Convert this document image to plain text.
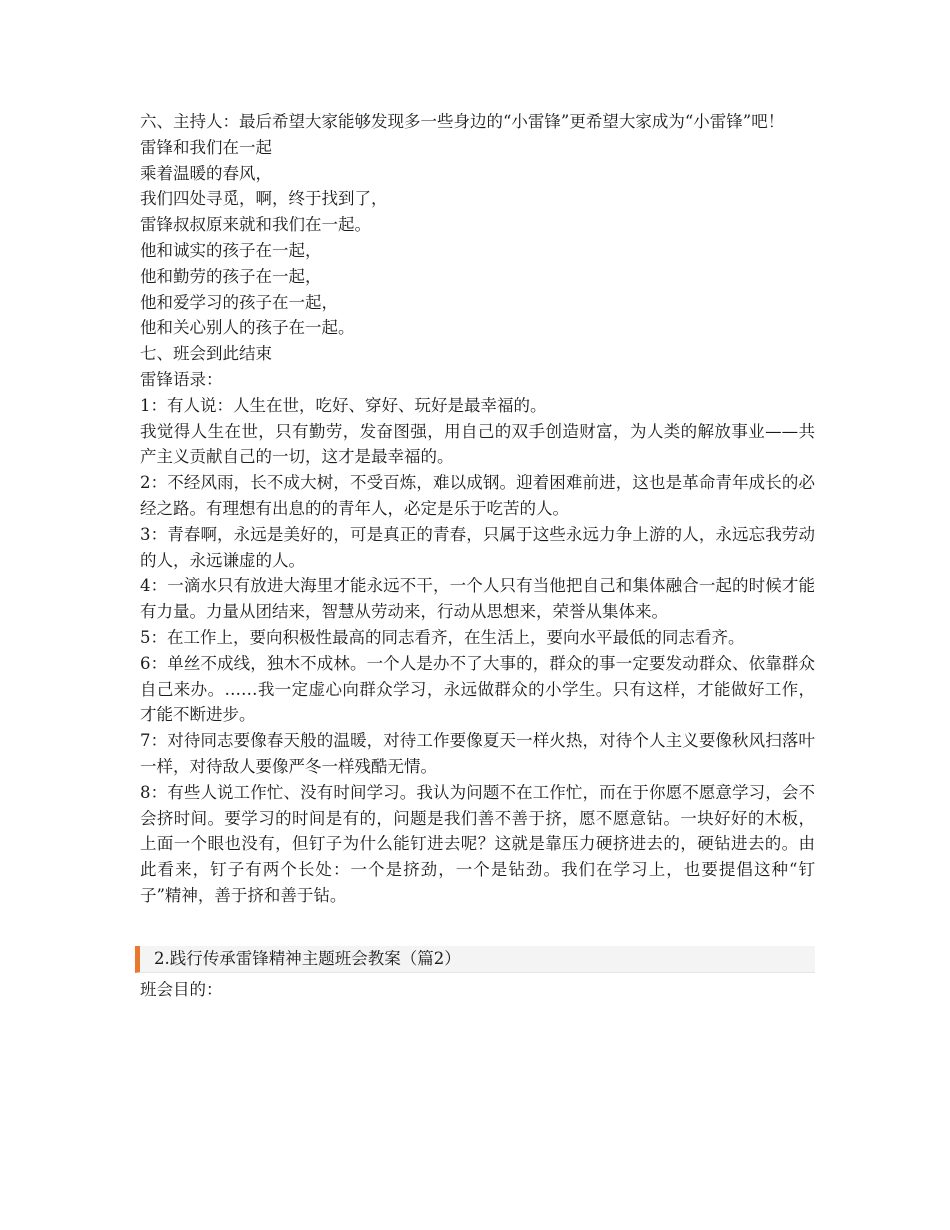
六、主持人：最后希望大家能够发现多一些身边的“小雷锋”更希望大家成为“小雷锋”吧！
雷锋和我们在一起
乘着温暖的春风，
我们四处寻觅，啊，终于找到了，
雷锋叔叔原来就和我们在一起。
他和诚实的孩子在一起，
他和勤劳的孩子在一起，
他和爱学习的孩子在一起，
他和关心别人的孩子在一起。
七、班会到此结束
雷锋语录：
1：有人说：人生在世，吃好、穿好、玩好是最幸福的。
我觉得人生在世，只有勤劳，发奋图强，用自己的双手创造财富，为人类的解放事业——共产主义贡献自己的一切，这才是最幸福的。
2：不经风雨，长不成大树，不受百炼，难以成钢。迎着困难前进，这也是革命青年成长的必经之路。有理想有出息的的青年人，必定是乐于吃苦的人。
3：青春啊，永远是美好的，可是真正的青春，只属于这些永远力争上游的人，永远忘我劳动的人，永远谦虚的人。
4：一滴水只有放进大海里才能永远不干，一个人只有当他把自己和集体融合一起的时候才能有力量。力量从团结来，智慧从劳动来，行动从思想来，荣誉从集体来。
5：在工作上，要向积极性最高的同志看齐，在生活上，要向水平最低的同志看齐。
6：单丝不成线，独木不成林。一个人是办不了大事的，群众的事一定要发动群众、依靠群众自己来办。……我一定虚心向群众学习，永远做群众的小学生。只有这样，才能做好工作，才能不断进步。
7：对待同志要像春天般的温暖，对待工作要像夏天一样火热，对待个人主义要像秋风扫落叶一样，对待敌人要像严冬一样残酷无情。
8：有些人说工作忙、没有时间学习。我认为问题不在工作忙，而在于你愿不愿意学习，会不会挤时间。要学习的时间是有的，问题是我们善不善于挤，愿不愿意钻。一块好好的木板，上面一个眼也没有，但钉子为什么能钉进去呢？这就是靠压力硬挤进去的，硬钻进去的。由此看来，钉子有两个长处：一个是挤劲，一个是钻劲。我们在学习上，也要提倡这种“钉子”精神，善于挤和善于钻。
2.践行传承雷锋精神主题班会教案（篇2）
班会目的：
